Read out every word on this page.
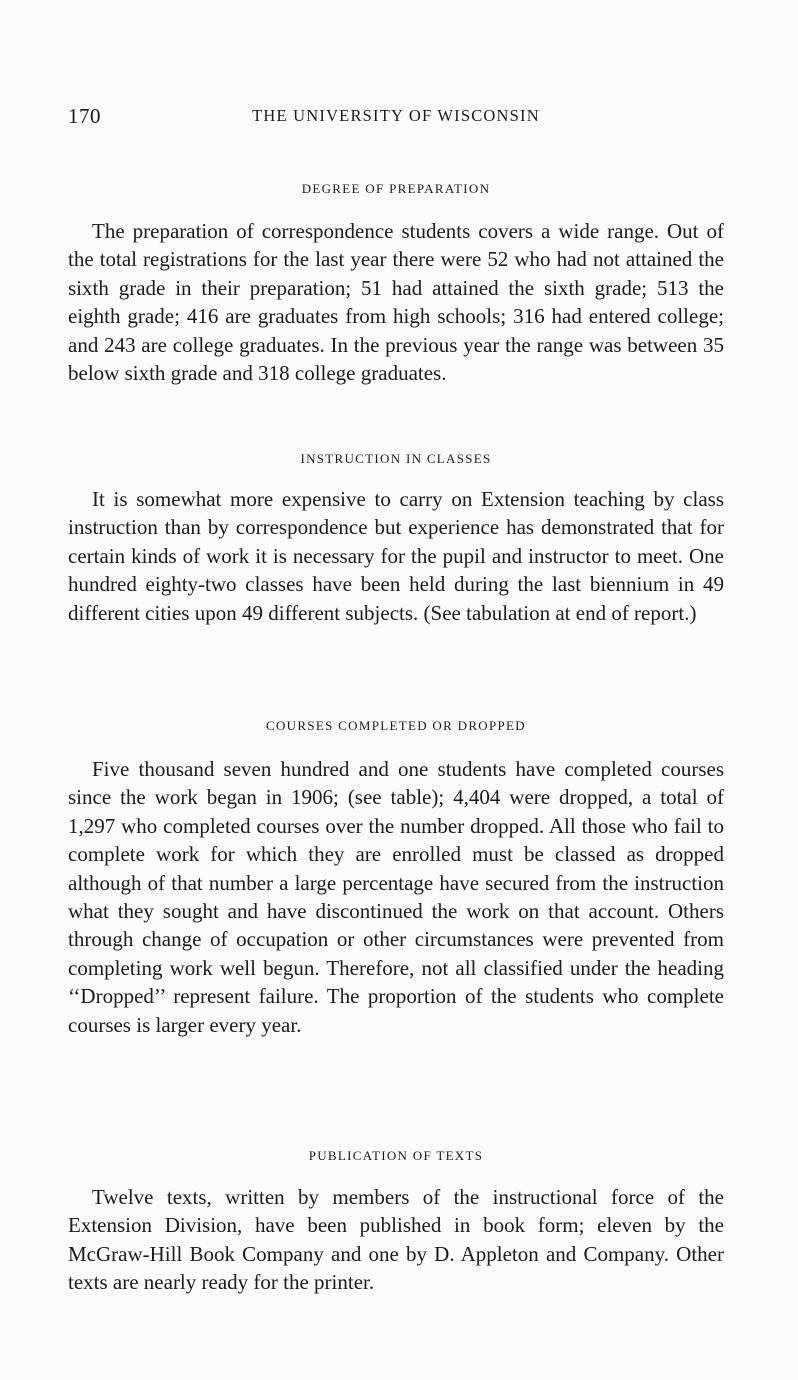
170	THE UNIVERSITY OF WISCONSIN
DEGREE OF PREPARATION

The preparation of correspondence students covers a wide range. Out of the total registrations for the last year there were 52 who had not attained the sixth grade in their preparation; 51 had attained the sixth grade; 513 the eighth grade; 416 are graduates from high schools; 316 had entered college; and 243 are college graduates. In the previous year the range was between 35 below sixth grade and 318 college graduates.

INSTRUCTION IN CLASSES

It is somewhat more expensive to carry on Extension teaching by class instruction than by correspondence but experience has demonstrated that for certain kinds of work it is necessary for the pupil and instructor to meet. One hundred eighty-two classes have been held during the last biennium in 49 different cities upon 49 different subjects. (See tabulation at end of report.)

COURSES COMPLETED OR DROPPED

Five thousand seven hundred and one students have completed courses since the work began in 1906; (see table); 4,404 were dropped, a total of 1,297 who completed courses over the number dropped. All those who fail to complete work for which they are enrolled must be classed as dropped although of that number a large percentage have secured from the instruction what they sought and have discontinued the work on that account. Others through change of occupation or other circumstances were prevented from completing work well begun. Therefore, not all classified under the heading ‘‘Dropped’’ represent failure. The proportion of the students who complete courses is larger every year.

PUBLICATION OF TEXTS

Twelve texts, written by members of the instructional force of the Extension Division, have been published in book form; eleven by the McGraw-Hill Book Company and one by D. Appleton and Company. Other texts are nearly ready for the printer.
